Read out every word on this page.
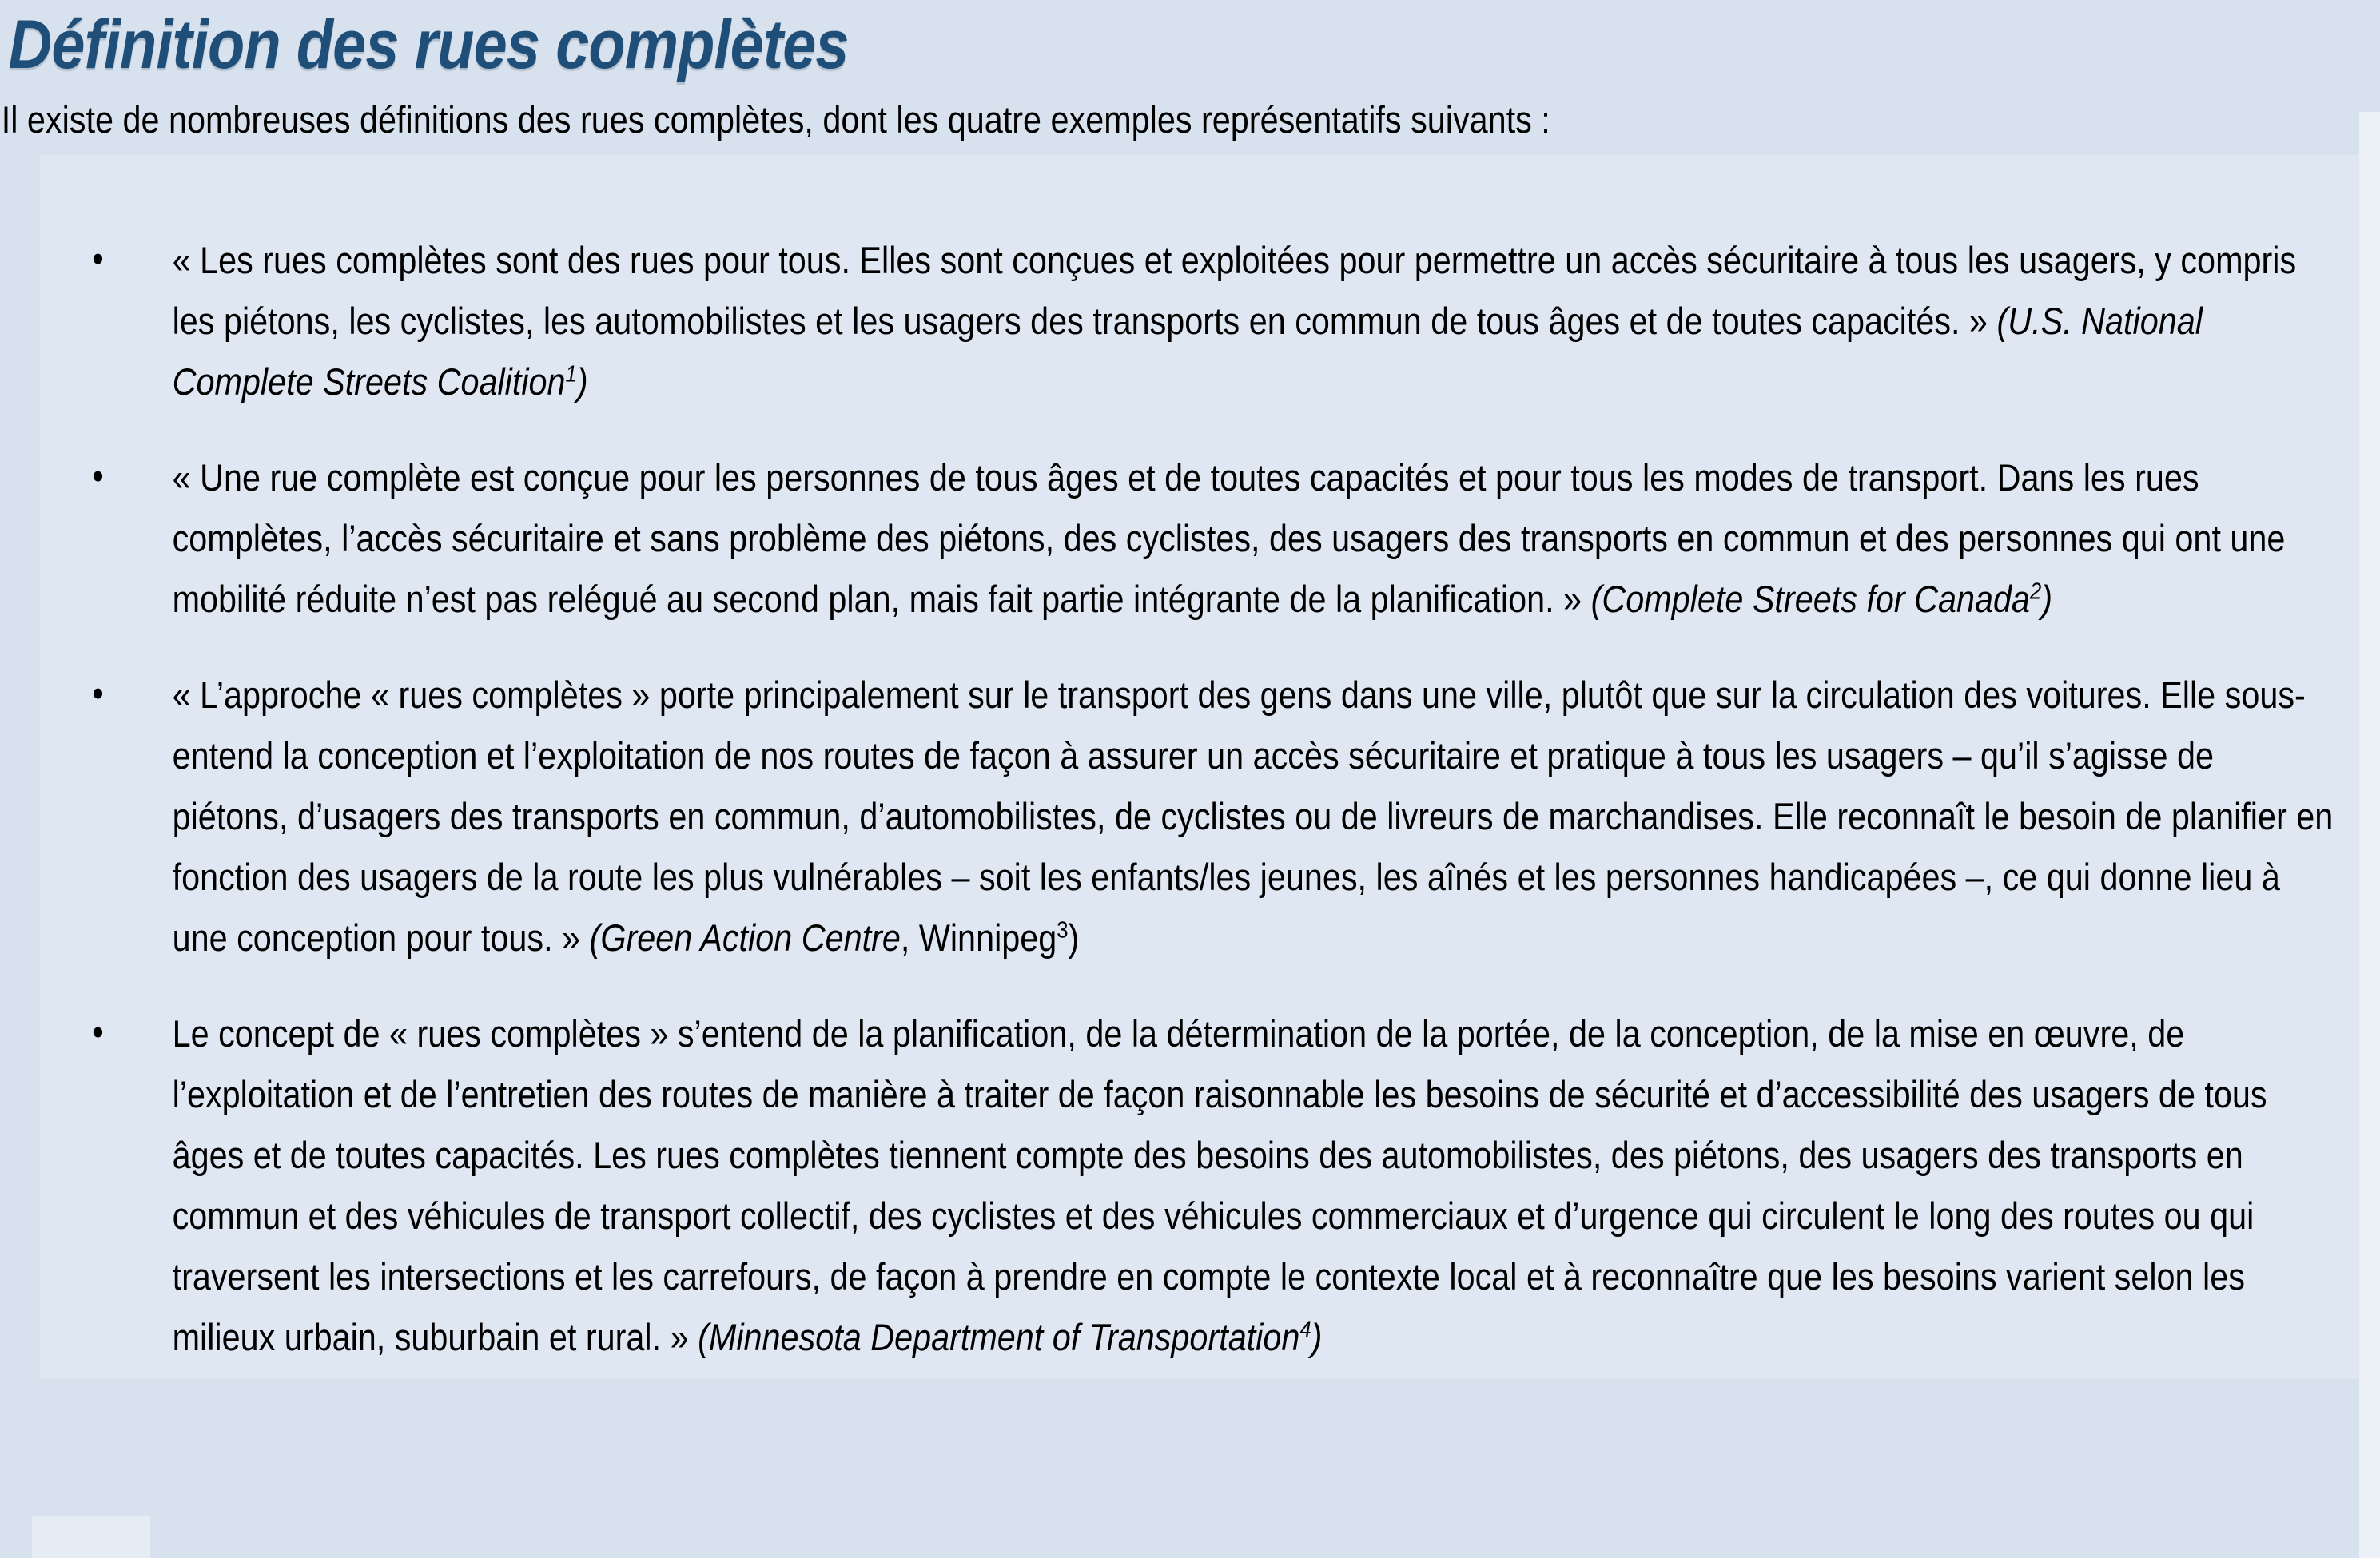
Définition des rues complètes

Il existe de nombreuses définitions des rues complètes, dont les quatre exemples représentatifs suivants :

• « Les rues complètes sont des rues pour tous. Elles sont conçues et exploitées pour permettre un accès sécuritaire à tous les usagers, y compris les piétons, les cyclistes, les automobilistes et les usagers des transports en commun de tous âges et de toutes capacités. » (U.S. National Complete Streets Coalition$^1$)
• « Une rue complète est conçue pour les personnes de tous âges et de toutes capacités et pour tous les modes de transport. Dans les rues complètes, l’accès sécuritaire et sans problème des piétons, des cyclistes, des usagers des transports en commun et des personnes qui ont une mobilité réduite n’est pas relégué au second plan, mais fait partie intégrante de la planification. » (Complete Streets for Canada$^2$)
• « L’approche « rues complètes » porte principalement sur le transport des gens dans une ville, plutôt que sur la circulation des voitures. Elle sous-entend la conception et l’exploitation de nos routes de façon à assurer un accès sécuritaire et pratique à tous les usagers – qu’il s’agisse de piétons, d’usagers des transports en commun, d’automobilistes, de cyclistes ou de livreurs de marchandises. Elle reconnaît le besoin de planifier en fonction des usagers de la route les plus vulnérables – soit les enfants/les jeunes, les aînés et les personnes handicapées –, ce qui donne lieu à une conception pour tous. » (Green Action Centre, Winnipeg$^3$)
• Le concept de « rues complètes » s’entend de la planification, de la détermination de la portée, de la conception, de la mise en œuvre, de l’exploitation et de l’entretien des routes de manière à traiter de façon raisonnable les besoins de sécurité et d’accessibilité des usagers de tous âges et de toutes capacités. Les rues complètes tiennent compte des besoins des automobilistes, des piétons, des usagers des transports en commun et des véhicules de transport collectif, des cyclistes et des véhicules commerciaux et d’urgence qui circulent le long des routes ou qui traversent les intersections et les carrefours, de façon à prendre en compte le contexte local et à reconnaître que les besoins varient selon les milieux urbain, suburbain et rural. » (Minnesota Department of Transportation$^4$)
